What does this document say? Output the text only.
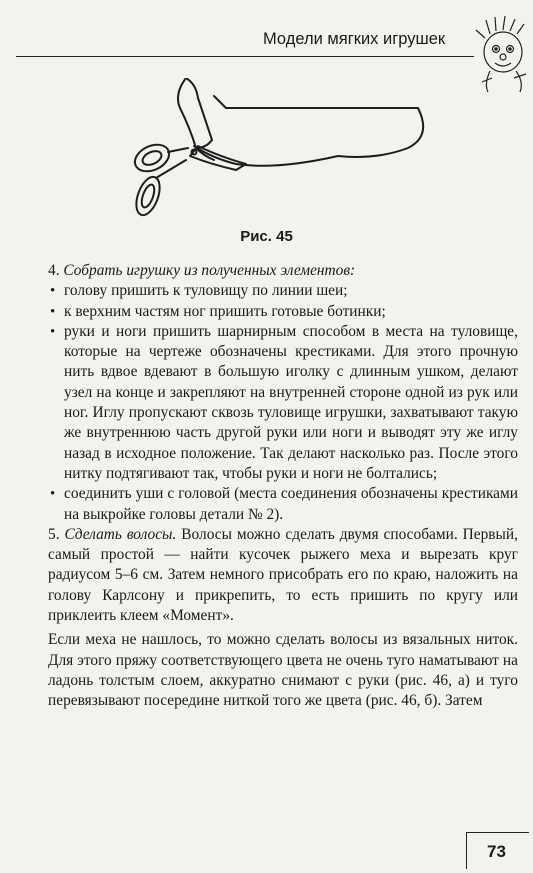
Модели мягких игрушек
Рис. 45

4. Собрать игрушку из полученных элементов:

• голову пришить к туловищу по линии шеи;
• к верхним частям ног пришить готовые ботинки;
• руки и ноги пришить шарнирным способом в места на туловище, которые на чертеже обозначены крестиками. Для этого прочную нить вдвое вдевают в большую иголку с длинным ушком, делают узел на конце и закрепляют на внутренней стороне одной из рук или ног. Иглу пропускают сквозь туловище игрушки, захватывают такую же внутреннюю часть другой руки или ноги и выводят эту же иглу назад в исходное положение. Так делают насколько раз. После этого нитку подтягивают так, чтобы руки и ноги не болтались;
• соединить уши с головой (места соединения обозначены крестиками на выкройке головы детали № 2).

5. Сделать волосы. Волосы можно сделать двумя способами. Первый, самый простой — найти кусочек рыжего меха и вырезать круг радиусом 5–6 см. Затем немного присобрать его по краю, наложить на голову Карлсону и прикрепить, то есть пришить по кругу или приклеить клеем «Момент».

Если меха не нашлось, то можно сделать волосы из вязальных ниток. Для этого пряжу соответствующего цвета не очень туго наматывают на ладонь толстым слоем, аккуратно снимают с руки (рис. 46, а) и туго перевязывают посередине ниткой того же цвета (рис. 46, б). Затем

73
